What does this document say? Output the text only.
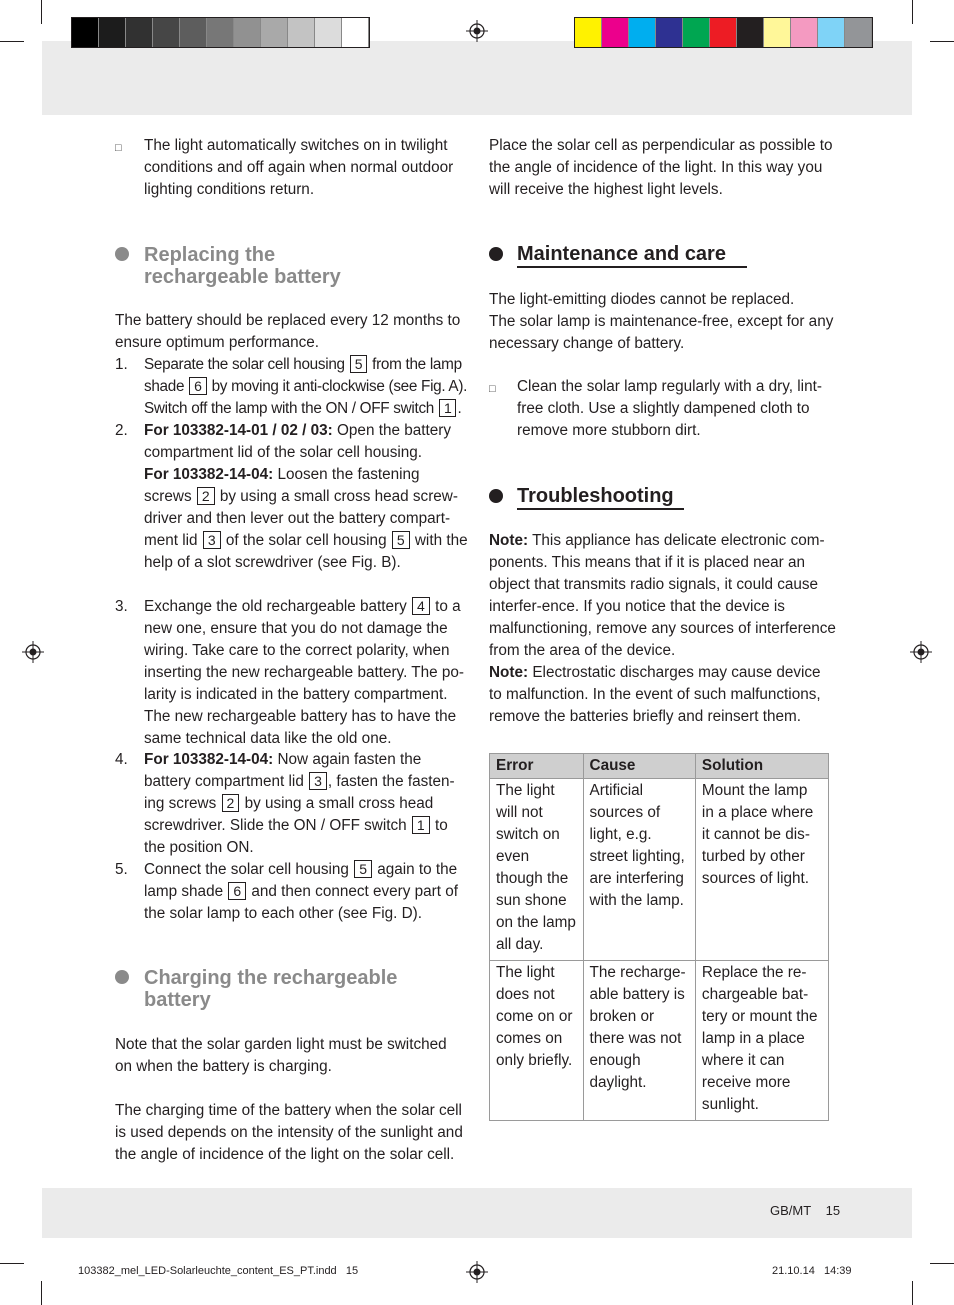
□ The light automatically switches on in twilight conditions and off again when normal outdoor lighting conditions return.
Replacing the
rechargeable battery
The battery should be replaced every 12 months to ensure optimum performance.
1. Separate the solar cell housing 5 from the lamp shade 6 by moving it anti-clockwise (see Fig. A). Switch off the lamp with the ON / OFF switch 1 .
2. For 103382-14-01 / 02 / 03: Open the battery compartment lid of the solar cell housing.
For 103382-14-04: Loosen the fastening screws 2 by using a small cross head screw-driver and then lever out the battery compart-ment lid 3 of the solar cell housing 5 with the help of a slot screwdriver (see Fig. B).
3. Exchange the old rechargeable battery 4 to a new one, ensure that you do not damage the wiring. Take care to the correct polarity, when inserting the new rechargeable battery. The po-larity is indicated in the battery compartment. The new rechargeable battery has to have the same technical data like the old one.
4. For 103382-14-04: Now again fasten the battery compartment lid 3 , fasten the fasten-ing screws 2 by using a small cross head screwdriver. Slide the ON / OFF switch 1 to the position ON.
5. Connect the solar cell housing 5 again to the lamp shade 6 and then connect every part of the solar lamp to each other (see Fig. D).
Charging the rechargeable
battery
Note that the solar garden light must be switched on when the battery is charging.
The charging time of the battery when the solar cell is used depends on the intensity of the sunlight and the angle of incidence of the light on the solar cell.
Place the solar cell as perpendicular as possible to the angle of incidence of the light. In this way you will receive the highest light levels.
Maintenance and care
The light-emitting diodes cannot be replaced.
The solar lamp is maintenance-free, except for any necessary change of battery.
□ Clean the solar lamp regularly with a dry, lint-free cloth. Use a slightly dampened cloth to remove more stubborn dirt.
Troubleshooting
Note: This appliance has delicate electronic com-ponents. This means that if it is placed near an object that transmits radio signals, it could cause interfer-ence. If you notice that the device is malfunctioning, remove any sources of interference from the area of the device.
Note: Electrostatic discharges may cause device to malfunction. In the event of such malfunctions, remove the batteries briefly and reinsert them.
Error	Cause	Solution
The light will not switch on even though the sun shone on the lamp all day.	Artificial sources of light, e.g. street lighting, are interfering with the lamp.	Mount the lamp in a place where it cannot be dis-turbed by other sources of light.
The light does not come on or comes on only briefly.	The recharge-able battery is broken or there was not enough daylight.	Replace the re-chargeable bat-tery or mount the lamp in a place where it can receive more sunlight.
GB/MT 15
103382_mel_LED-Solarleuchte_content_ES_PT.indd   15	21.10.14   14:39
